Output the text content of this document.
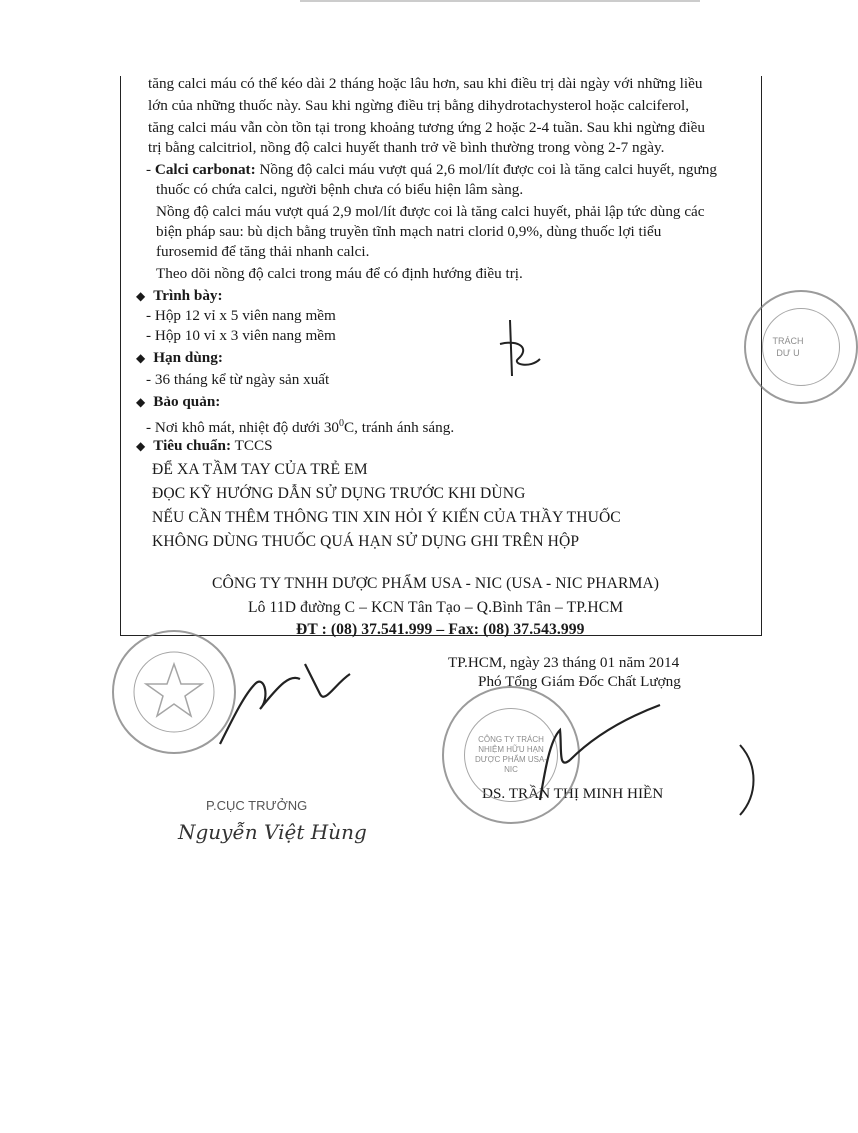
tăng calci máu có thể kéo dài 2 tháng hoặc lâu hơn, sau khi điều trị dài ngày với những liều
lớn của những thuốc này. Sau khi ngừng điều trị bằng dihydrotachysterol hoặc calciferol,
tăng calci máu vẫn còn tồn tại trong khoảng tương ứng 2 hoặc 2-4 tuần. Sau khi ngừng điều
trị bằng calcitriol, nồng độ calci huyết thanh trở về bình thường trong vòng 2-7 ngày.
- Calci carbonat: Nồng độ calci máu vượt quá 2,6 mol/lít được coi là tăng calci huyết, ngưng
thuốc có chứa calci, người bệnh chưa có biểu hiện lâm sàng.
Nồng độ calci máu vượt quá 2,9 mol/lít được coi là tăng calci huyết, phải lập tức dùng các
biện pháp sau: bù dịch bằng truyền tĩnh mạch natri clorid 0,9%, dùng thuốc lợi tiểu
furosemid để tăng thải nhanh calci.
Theo dõi nồng độ calci trong máu để có định hướng điều trị.
◆ Trình bày:
- Hộp 12 vỉ x 5 viên nang mềm
- Hộp 10 vỉ x 3 viên nang mềm
◆ Hạn dùng:
- 36 tháng kể từ ngày sản xuất
◆ Bảo quản:
- Nơi khô mát, nhiệt độ dưới $30^0C$, tránh ánh sáng.
◆ Tiêu chuẩn: TCCS
ĐỂ XA TẦM TAY CỦA TRẺ EM
ĐỌC KỸ HƯỚNG DẪN SỬ DỤNG TRƯỚC KHI DÙNG
NẾU CẦN THÊM THÔNG TIN XIN HỎI Ý KIẾN CỦA THẦY THUỐC
KHÔNG DÙNG THUỐC QUÁ HẠN SỬ DỤNG GHI TRÊN HỘP
CÔNG TY TNHH DƯỢC PHẨM USA - NIC (USA - NIC PHARMA)
Lô 11D đường C – KCN Tân Tạo – Q.Bình Tân – TP.HCM
ĐT : (08) 37.541.999 – Fax: (08) 37.543.999
TP.HCM, ngày 23 tháng 01 năm 2014
Phó Tổng Giám Đốc Chất Lượng
DS. TRẦN THỊ MINH HIỀN
P.CỤC TRƯỞNG
Nguyễn Việt Hùng
CÔNG TY TRÁCH NHIỆM HỮU HẠN DƯỢC PHẨM USA-NIC
TRÁCH DƯ U
